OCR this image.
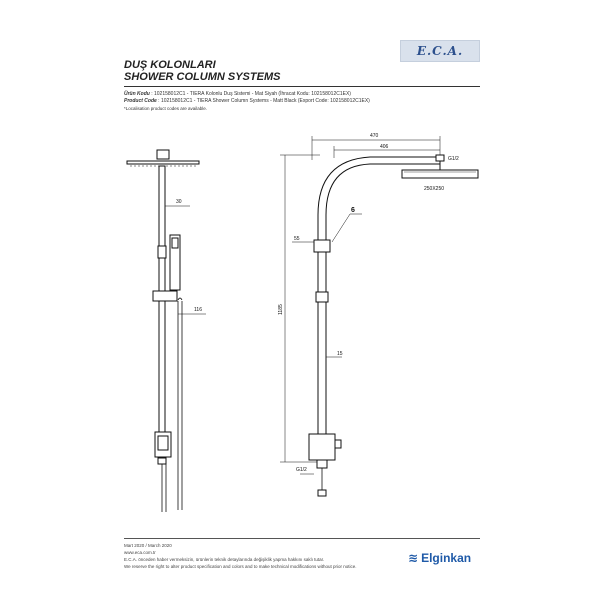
DUŞ KOLONLARI
SHOWER COLUMN SYSTEMS
E.C.A.
Ürün Kodu : 102158012C1 - TIERA Kolonlu Duş Sistemi - Mat Siyah (İhracat Kodu: 102158012C1EX)
Product Code : 102158012C1 - TIERA Shower Column Systems - Matt Black (Export Code: 102158012C1EX)
*Localisation product codes are available.
30
116
470
406
G1/2
250X250
6
55
1185
15
G1/2
Mart 2020 / March 2020
www.eca.com.tr
E.C.A. önceden haber vermeksizin, ürünlerin teknik detaylarında değişiklik yapma hakkını saklı tutar.
We reserve the right to alter product specification and colors and to make technical modifications without prior notice.
≋ Elginkan
